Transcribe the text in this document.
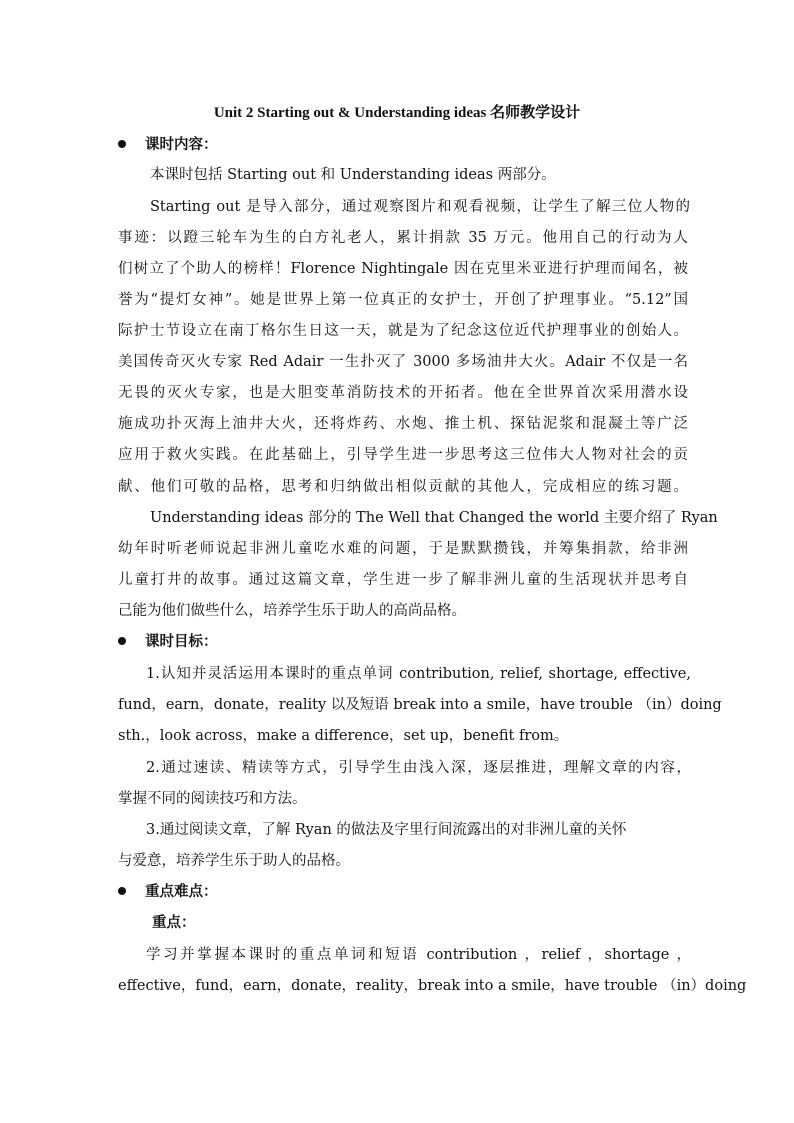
Unit 2 Starting out & Understanding ideas 名师教学设计
课时内容：
本课时包括 Starting out 和 Understanding ideas 两部分。
Starting out 是导入部分，通过观察图片和观看视频，让学生了解三位人物的
事迹：以蹬三轮车为生的白方礼老人，累计捐款 35 万元。他用自己的行动为人
们树立了个助人的榜样！Florence Nightingale 因在克里米亚进行护理而闻名，被
誉为“提灯女神”。她是世界上第一位真正的女护士，开创了护理事业。“5.12”国
际护士节设立在南丁格尔生日这一天，就是为了纪念这位近代护理事业的创始人。
美国传奇灭火专家 Red Adair 一生扑灭了 3000 多场油井大火。Adair 不仅是一名
无畏的灭火专家，也是大胆变革消防技术的开拓者。他在全世界首次采用潜水设
施成功扑灭海上油井大火，还将炸药、水炮、推土机、探钻泥浆和混凝土等广泛
应用于救火实践。在此基础上，引导学生进一步思考这三位伟大人物对社会的贡
献、他们可敬的品格，思考和归纳做出相似贡献的其他人，完成相应的练习题。
Understanding ideas 部分的 The Well that Changed the world 主要介绍了 Ryan
幼年时听老师说起非洲儿童吃水难的问题，于是默默攒钱，并筹集捐款，给非洲
儿童打井的故事。通过这篇文章，学生进一步了解非洲儿童的生活现状并思考自
己能为他们做些什么，培养学生乐于助人的高尚品格。
课时目标：
1.认知并灵活运用本课时的重点单词 contribution, relief, shortage, effective,
fund，earn，donate，reality 以及短语 break into a smile，have trouble （in）doing
sth.，look across，make a difference，set up，benefit from。
2.通过速读、精读等方式，引导学生由浅入深，逐层推进，理解文章的内容，
掌握不同的阅读技巧和方法。
3.通过阅读文章，了解 Ryan 的做法及字里行间流露出的对非洲儿童的关怀
与爱意，培养学生乐于助人的品格。
重点难点：
重点：
学习并掌握本课时的重点单词和短语 contribution ，relief ，shortage ，
effective，fund，earn，donate，reality，break into a smile，have trouble （in）doing
